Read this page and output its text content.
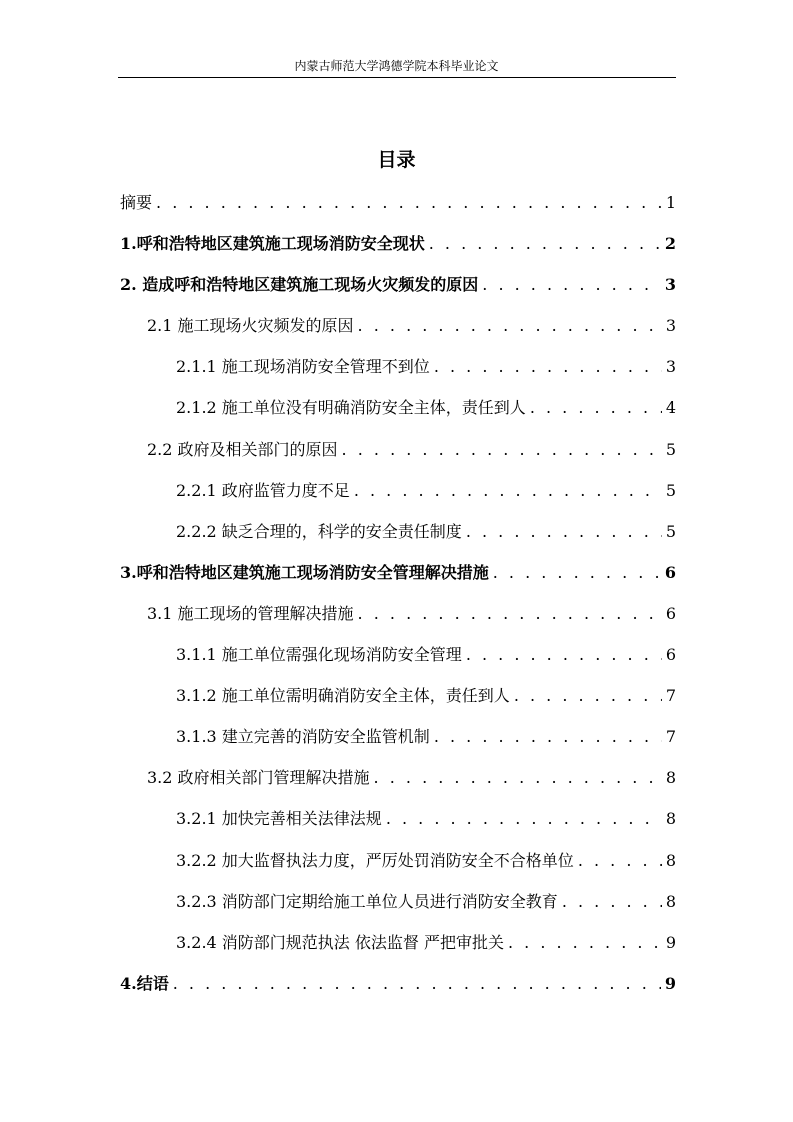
内蒙古师范大学鸿德学院本科毕业论文
目录
摘要 . . .	1
1.呼和浩特地区建筑施工现场消防安全现状 . . .	2
2. 造成呼和浩特地区建筑施工现场火灾频发的原因 . . .	3
2.1 施工现场火灾频发的原因 . . .	3
2.1.1 施工现场消防安全管理不到位 . . .	3
2.1.2 施工单位没有明确消防安全主体，责任到人 . . .	4
2.2 政府及相关部门的原因 . . .	5
2.2.1 政府监管力度不足 . . .	5
2.2.2 缺乏合理的，科学的安全责任制度 . . .	5
3.呼和浩特地区建筑施工现场消防安全管理解决措施 . . .	6
3.1 施工现场的管理解决措施 . . .	6
3.1.1 施工单位需强化现场消防安全管理 . . .	6
3.1.2 施工单位需明确消防安全主体，责任到人 . . .	7
3.1.3 建立完善的消防安全监管机制 . . .	7
3.2 政府相关部门管理解决措施 . . .	8
3.2.1 加快完善相关法律法规 . . .	8
3.2.2 加大监督执法力度，严厉处罚消防安全不合格单位 . . .	8
3.2.3 消防部门定期给施工单位人员进行消防安全教育 . . .	8
3.2.4 消防部门规范执法 依法监督 严把审批关 . . .	9
4.结语 . . .	9
